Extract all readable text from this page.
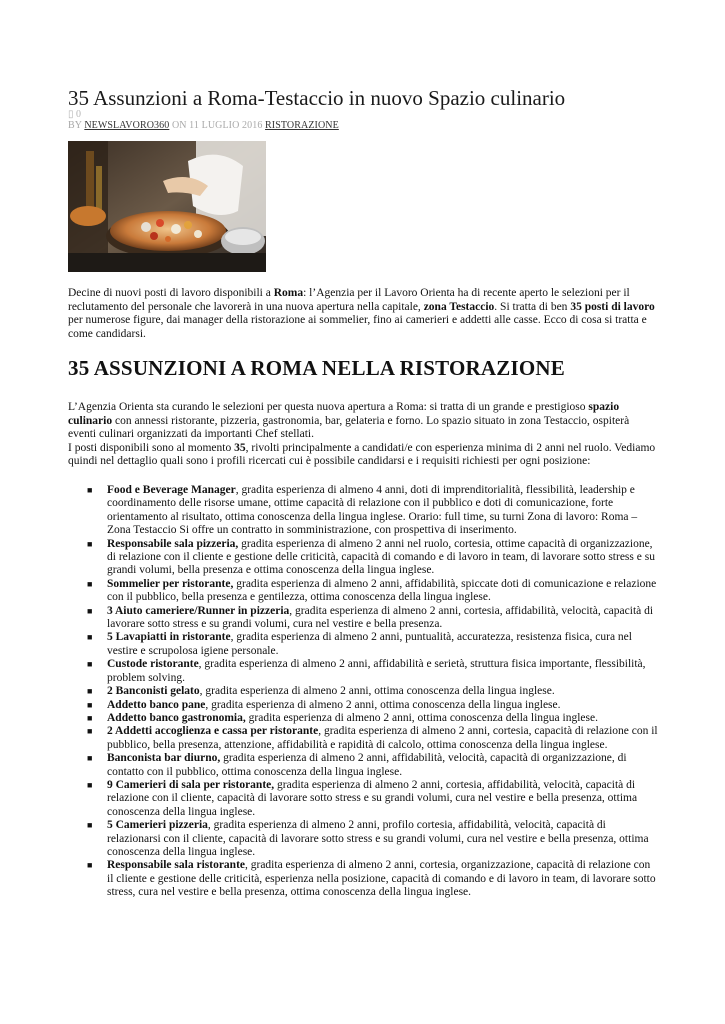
35 Assunzioni a Roma-Testaccio in nuovo Spazio culinario
▯ 0
BY NEWSLAVORO360 ON 11 LUGLIO 2016 RISTORAZIONE
Decine di nuovi posti di lavoro disponibili a Roma: l’Agenzia per il Lavoro Orienta ha di recente aperto le selezioni per il reclutamento del personale che lavorerà in una nuova apertura nella capitale, zona Testaccio. Si tratta di ben 35 posti di lavoro per numerose figure, dai manager della ristorazione ai sommelier, fino ai camerieri e addetti alle casse. Ecco di cosa si tratta e come candidarsi.
35 ASSUNZIONI A ROMA NELLA RISTORAZIONE

L’Agenzia Orienta sta curando le selezioni per questa nuova apertura a Roma: si tratta di un grande e prestigioso spazio culinario con annessi ristorante, pizzeria, gastronomia, bar, gelateria e forno. Lo spazio situato in zona Testaccio, ospiterà eventi culinari organizzati da importanti Chef stellati.

I posti disponibili sono al momento 35, rivolti principalmente a candidati/e con esperienza minima di 2 anni nel ruolo. Vediamo quindi nel dettaglio quali sono i profili ricercati cui è possibile candidarsi e i requisiti richiesti per ogni posizione:

■ Food e Beverage Manager, gradita esperienza di almeno 4 anni, doti di imprenditorialità, flessibilità, leadership e coordinamento delle risorse umane, ottime capacità di relazione con il pubblico e doti di comunicazione, forte orientamento al risultato, ottima conoscenza della lingua inglese. Orario: full time, su turni Zona di lavoro: Roma – Zona Testaccio Si offre un contratto in somministrazione, con prospettiva di inserimento.
■ Responsabile sala pizzeria, gradita esperienza di almeno 2 anni nel ruolo, cortesia, ottime capacità di organizzazione, di relazione con il cliente e gestione delle criticità, capacità di comando e di lavoro in team, di lavorare sotto stress e su grandi volumi, bella presenza e ottima conoscenza della lingua inglese.
■ Sommelier per ristorante, gradita esperienza di almeno 2 anni, affidabilità, spiccate doti di comunicazione e relazione con il pubblico, bella presenza e gentilezza, ottima conoscenza della lingua inglese.
■ 3 Aiuto cameriere/Runner in pizzeria, gradita esperienza di almeno 2 anni, cortesia, affidabilità, velocità, capacità di lavorare sotto stress e su grandi volumi, cura nel vestire e bella presenza.
■ 5 Lavapiatti in ristorante, gradita esperienza di almeno 2 anni, puntualità, accuratezza, resistenza fisica, cura nel vestire e scrupolosa igiene personale.
■ Custode ristorante, gradita esperienza di almeno 2 anni, affidabilità e serietà, struttura fisica importante, flessibilità, problem solving.
■ 2 Banconisti gelato, gradita esperienza di almeno 2 anni, ottima conoscenza della lingua inglese.
■ Addetto banco pane, gradita esperienza di almeno 2 anni, ottima conoscenza della lingua inglese.
■ Addetto banco gastronomia, gradita esperienza di almeno 2 anni, ottima conoscenza della lingua inglese.
■ 2 Addetti accoglienza e cassa per ristorante, gradita esperienza di almeno 2 anni, cortesia, capacità di relazione con il pubblico, bella presenza, attenzione, affidabilità e rapidità di calcolo, ottima conoscenza della lingua inglese.
■ Banconista bar diurno, gradita esperienza di almeno 2 anni, affidabilità, velocità, capacità di organizzazione, di contatto con il pubblico, ottima conoscenza della lingua inglese.
■ 9 Camerieri di sala per ristorante, gradita esperienza di almeno 2 anni, cortesia, affidabilità, velocità, capacità di relazione con il cliente, capacità di lavorare sotto stress e su grandi volumi, cura nel vestire e bella presenza, ottima conoscenza della lingua inglese.
■ 5 Camerieri pizzeria, gradita esperienza di almeno 2 anni, profilo cortesia, affidabilità, velocità, capacità di relazionarsi con il cliente, capacità di lavorare sotto stress e su grandi volumi, cura nel vestire e bella presenza, ottima conoscenza della lingua inglese.
■ Responsabile sala ristorante, gradita esperienza di almeno 2 anni, cortesia, organizzazione, capacità di relazione con il cliente e gestione delle criticità, esperienza nella posizione, capacità di comando e di lavoro in team, di lavorare sotto stress, cura nel vestire e bella presenza, ottima conoscenza della lingua inglese.
